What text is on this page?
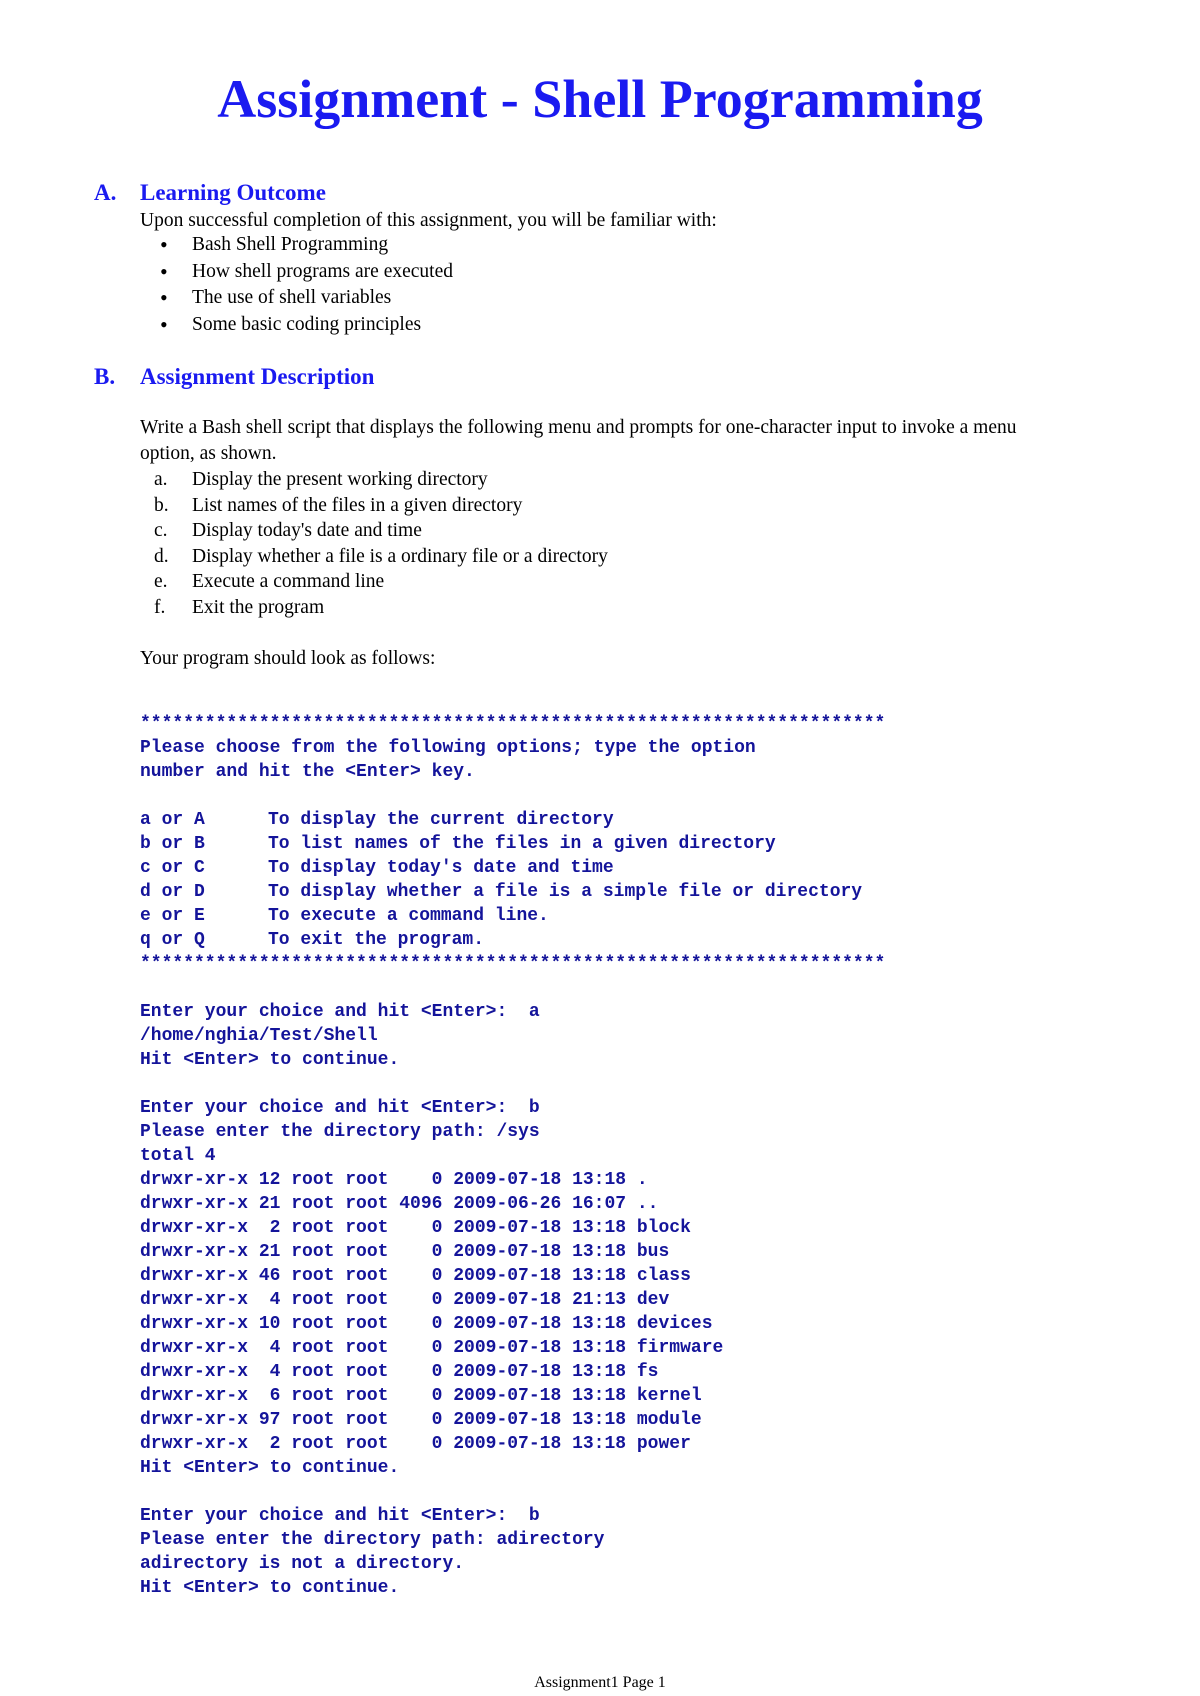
Assignment - Shell Programming
A. Learning Outcome

Upon successful completion of this assignment, you will be familiar with:

• Bash Shell Programming
• How shell programs are executed
• The use of shell variables
• Some basic coding principles
B. Assignment Description

Write a Bash shell script that displays the following menu and prompts for one-character input to invoke a menu option, as shown.

a.	Display the present working directory
b.	List names of the files in a given directory
c.	Display today's date and time
d.	Display whether a file is a ordinary file or a directory
e.	Execute a command line
f.	Exit the program

Your program should look as follows:

*********************************************************************
Please choose from the following options; type the option
number and hit the <Enter> key.
a or A	To display the current directory
b or B	To list names of the files in a given directory
c or C	To display today's date and time
d or D	To display whether a file is a simple file or directory
e or E	To execute a command line.
q or Q	To exit the program.
*********************************************************************
Enter your choice and hit <Enter>:  a
/home/nghia/Test/Shell
Hit <Enter> to continue.
Enter your choice and hit <Enter>:  b
Please enter the directory path: /sys
total 4
drwxr-xr-x 12 root root    0 2009-07-18 13:18 .
drwxr-xr-x 21 root root 4096 2009-06-26 16:07 ..
drwxr-xr-x  2 root root    0 2009-07-18 13:18 block
drwxr-xr-x 21 root root    0 2009-07-18 13:18 bus
drwxr-xr-x 46 root root    0 2009-07-18 13:18 class
drwxr-xr-x  4 root root    0 2009-07-18 21:13 dev
drwxr-xr-x 10 root root    0 2009-07-18 13:18 devices
drwxr-xr-x  4 root root    0 2009-07-18 13:18 firmware
drwxr-xr-x  4 root root    0 2009-07-18 13:18 fs
drwxr-xr-x  6 root root    0 2009-07-18 13:18 kernel
drwxr-xr-x 97 root root    0 2009-07-18 13:18 module
drwxr-xr-x  2 root root    0 2009-07-18 13:18 power
Hit <Enter> to continue.
Enter your choice and hit <Enter>:  b
Please enter the directory path: adirectory
adirectory is not a directory.
Hit <Enter> to continue.
Assignment1 Page 1
